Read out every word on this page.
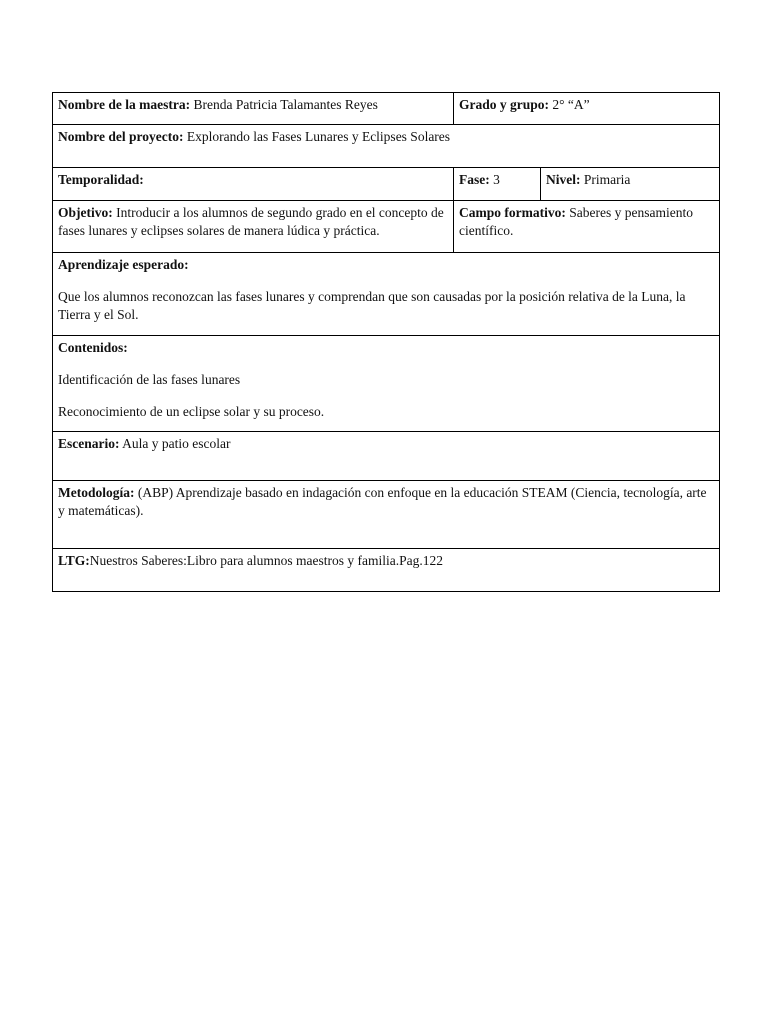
Nombre de la maestra: Brenda Patricia Talamantes Reyes	Grado y grupo: 2° “A”	
Nombre del proyecto: Explorando las Fases Lunares y Eclipses Solares		
Temporalidad:	Fase: 3	Nivel: Primaria
Objetivo: Introducir a los alumnos de segundo grado en el concepto de fases lunares y eclipses solares de manera lúdica y práctica.	Campo formativo: Saberes y pensamiento científico.	

Aprendizaje esperado:

Que los alumnos reconozcan las fases lunares y comprendan que son causadas por la posición relativa de la Luna, la Tierra y el Sol.		

Contenidos:

Identificación de las fases lunares

Reconocimiento de un eclipse solar y su proceso.		

Escenario: Aula y patio escolar		
Metodología: (ABP) Aprendizaje basado en indagación con enfoque en la educación STEAM (Ciencia, tecnología, arte y matemáticas).		
LTG:Nuestros Saberes:Libro para alumnos maestros y familia.Pag.122		
